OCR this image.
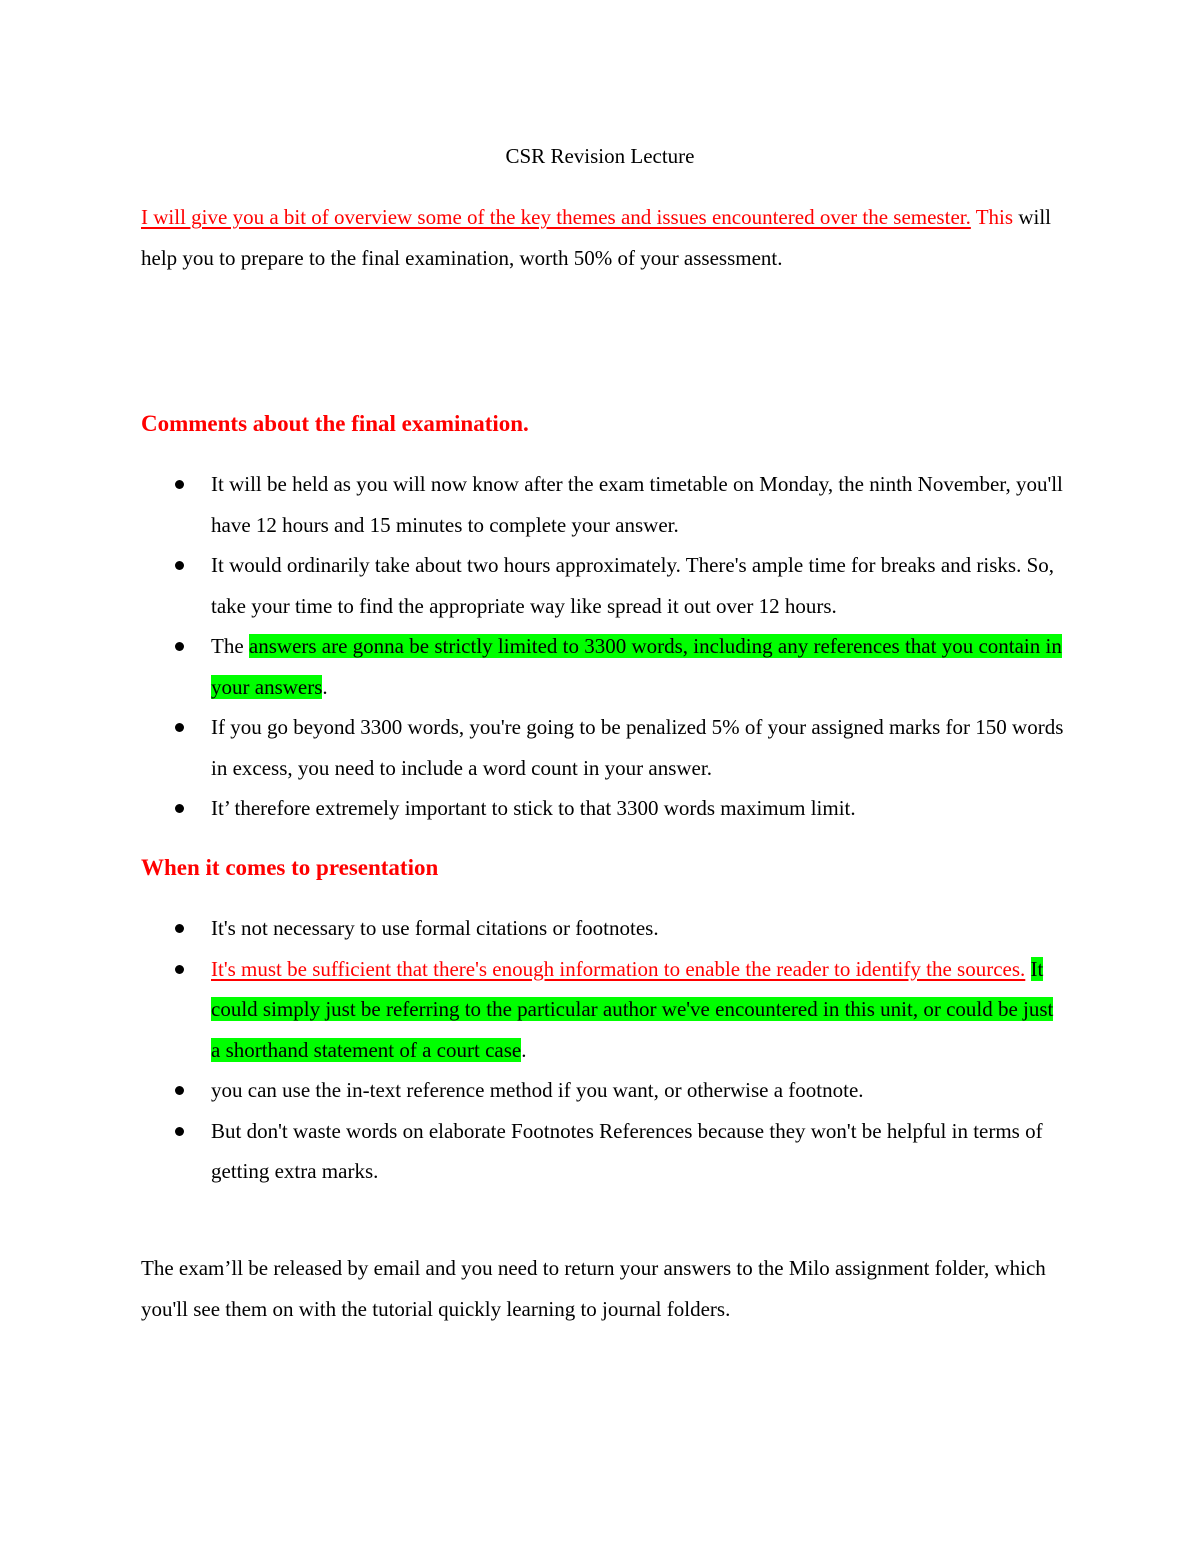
CSR Revision Lecture
I will give you a bit of overview some of the key themes and issues encountered over the semester. This will help you to prepare to the final examination, worth 50% of your assessment.
Comments about the final examination.
It will be held as you will now know after the exam timetable on Monday, the ninth November, you'll have 12 hours and 15 minutes to complete your answer.
It would ordinarily take about two hours approximately. There's ample time for breaks and risks. So, take your time to find the appropriate way like spread it out over 12 hours.
The answers are gonna be strictly limited to 3300 words, including any references that you contain in your answers.
If you go beyond 3300 words, you're going to be penalized 5% of your assigned marks for 150 words in excess, you need to include a word count in your answer.
It’ therefore extremely important to stick to that 3300 words maximum limit.
When it comes to presentation
It's not necessary to use formal citations or footnotes.
It's must be sufficient that there's enough information to enable the reader to identify the sources. It could simply just be referring to the particular author we've encountered in this unit, or could be just a shorthand statement of a court case.
you can use the in-text reference method if you want, or otherwise a footnote.
But don't waste words on elaborate Footnotes References because they won't be helpful in terms of getting extra marks.
The exam’ll be released by email and you need to return your answers to the Milo assignment folder, which you'll see them on with the tutorial quickly learning to journal folders.
